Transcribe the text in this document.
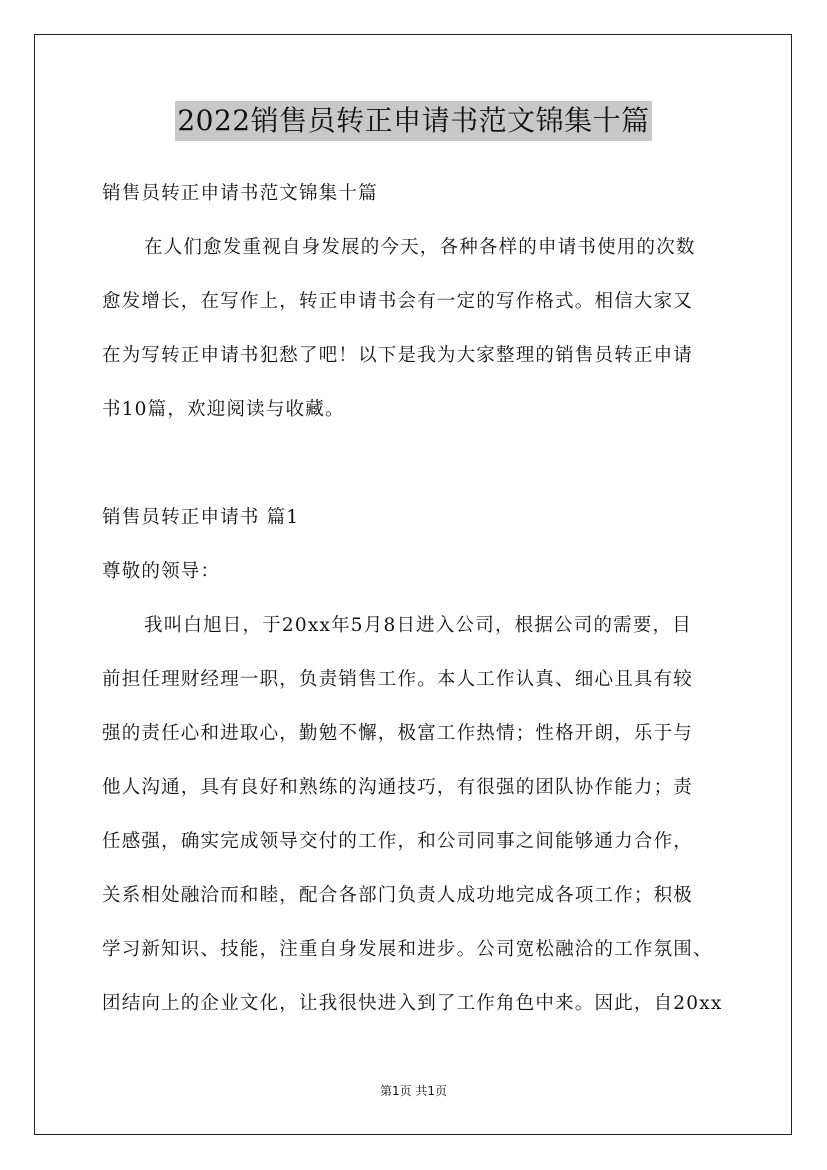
2022销售员转正申请书范文锦集十篇
销售员转正申请书范文锦集十篇
在人们愈发重视自身发展的今天，各种各样的申请书使用的次数
愈发增长，在写作上，转正申请书会有一定的写作格式。相信大家又
在为写转正申请书犯愁了吧！以下是我为大家整理的销售员转正申请
书10篇，欢迎阅读与收藏。
销售员转正申请书 篇1
尊敬的领导：
我叫白旭日，于20xx年5月8日进入公司，根据公司的需要，目
前担任理财经理一职，负责销售工作。本人工作认真、细心且具有较
强的责任心和进取心，勤勉不懈，极富工作热情；性格开朗，乐于与
他人沟通，具有良好和熟练的沟通技巧，有很强的团队协作能力；责
任感强，确实完成领导交付的工作，和公司同事之间能够通力合作，
关系相处融洽而和睦，配合各部门负责人成功地完成各项工作；积极
学习新知识、技能，注重自身发展和进步。公司宽松融洽的工作氛围、
团结向上的企业文化，让我很快进入到了工作角色中来。因此，自20xx
第1页 共1页
